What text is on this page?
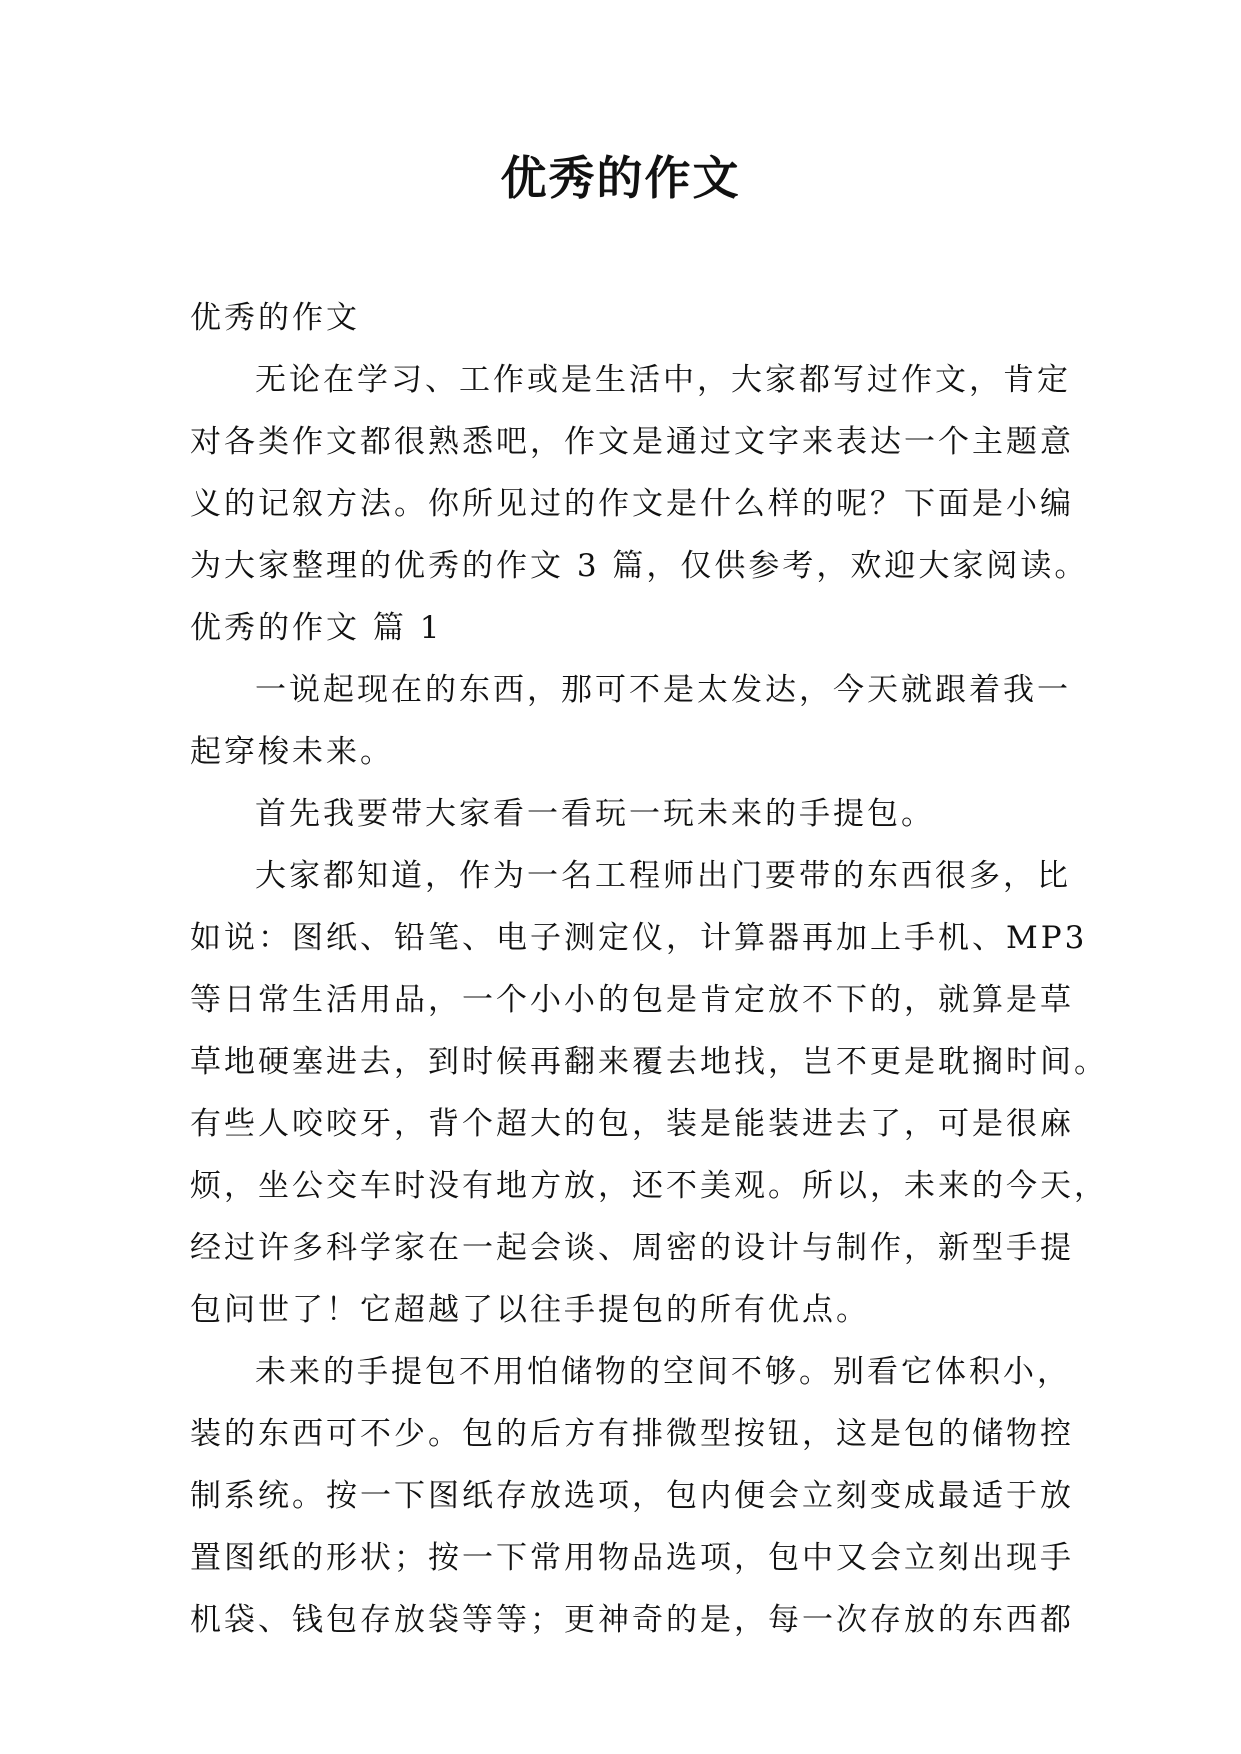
优秀的作文
优秀的作文
无论在学习、工作或是生活中，大家都写过作文，肯定
对各类作文都很熟悉吧，作文是通过文字来表达一个主题意
义的记叙方法。你所见过的作文是什么样的呢？下面是小编
为大家整理的优秀的作文 3 篇，仅供参考，欢迎大家阅读。
优秀的作文 篇 1
一说起现在的东西，那可不是太发达，今天就跟着我一
起穿梭未来。
首先我要带大家看一看玩一玩未来的手提包。
大家都知道，作为一名工程师出门要带的东西很多，比
如说：图纸、铅笔、电子测定仪，计算器再加上手机、MP3
等日常生活用品，一个小小的包是肯定放不下的，就算是草
草地硬塞进去，到时候再翻来覆去地找，岂不更是耽搁时间。
有些人咬咬牙，背个超大的包，装是能装进去了，可是很麻
烦，坐公交车时没有地方放，还不美观。所以，未来的今天，
经过许多科学家在一起会谈、周密的设计与制作，新型手提
包问世了！它超越了以往手提包的所有优点。
未来的手提包不用怕储物的空间不够。别看它体积小，
装的东西可不少。包的后方有排微型按钮，这是包的储物控
制系统。按一下图纸存放选项，包内便会立刻变成最适于放
置图纸的形状；按一下常用物品选项，包中又会立刻出现手
机袋、钱包存放袋等等；更神奇的是，每一次存放的东西都
